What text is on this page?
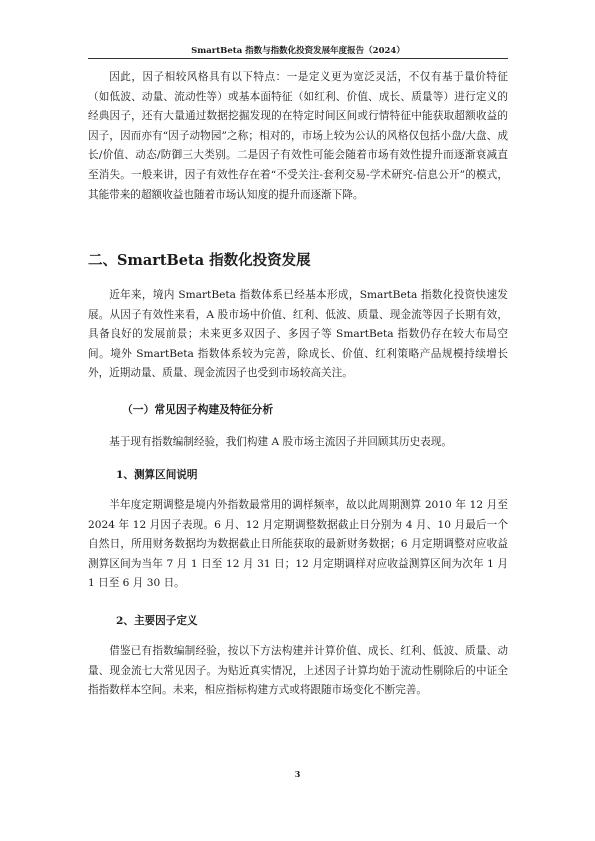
SmartBeta 指数与指数化投资发展年度报告（2024）

因此，因子相较风格具有以下特点：一是定义更为宽泛灵活，不仅有基于量价特征（如低波、动量、流动性等）或基本面特征（如红利、价值、成长、质量等）进行定义的经典因子，还有大量通过数据挖掘发现的在特定时间区间或行情特征中能获取超额收益的因子，因而亦有“因子动物园”之称；相对的，市场上较为公认的风格仅包括小盘/大盘、成长/价值、动态/防御三大类别。二是因子有效性可能会随着市场有效性提升而逐渐衰减直至消失。一般来讲，因子有效性存在着“不受关注-套利交易-学术研究-信息公开”的模式，其能带来的超额收益也随着市场认知度的提升而逐渐下降。

二、SmartBeta 指数化投资发展

近年来，境内 SmartBeta 指数体系已经基本形成，SmartBeta 指数化投资快速发展。从因子有效性来看，A 股市场中价值、红利、低波、质量、现金流等因子长期有效，具备良好的发展前景；未来更多双因子、多因子等 SmartBeta 指数仍存在较大布局空间。境外 SmartBeta 指数体系较为完善，除成长、价值、红利策略产品规模持续增长外，近期动量、质量、现金流因子也受到市场较高关注。

（一）常见因子构建及特征分析

基于现有指数编制经验，我们构建 A 股市场主流因子并回顾其历史表现。

1、测算区间说明

半年度定期调整是境内外指数最常用的调样频率，故以此周期测算 2010 年 12 月至 2024 年 12 月因子表现。6 月、12 月定期调整数据截止日分别为 4 月、10 月最后一个自然日，所用财务数据均为数据截止日所能获取的最新财务数据；6 月定期调整对应收益测算区间为当年 7 月 1 日至 12 月 31 日；12 月定期调样对应收益测算区间为次年 1 月 1 日至 6 月 30 日。

2、主要因子定义

借鉴已有指数编制经验，按以下方法构建并计算价值、成长、红利、低波、质量、动量、现金流七大常见因子。为贴近真实情况，上述因子计算均始于流动性剔除后的中证全指指数样本空间。未来，相应指标构建方式或将跟随市场变化不断完善。

3
